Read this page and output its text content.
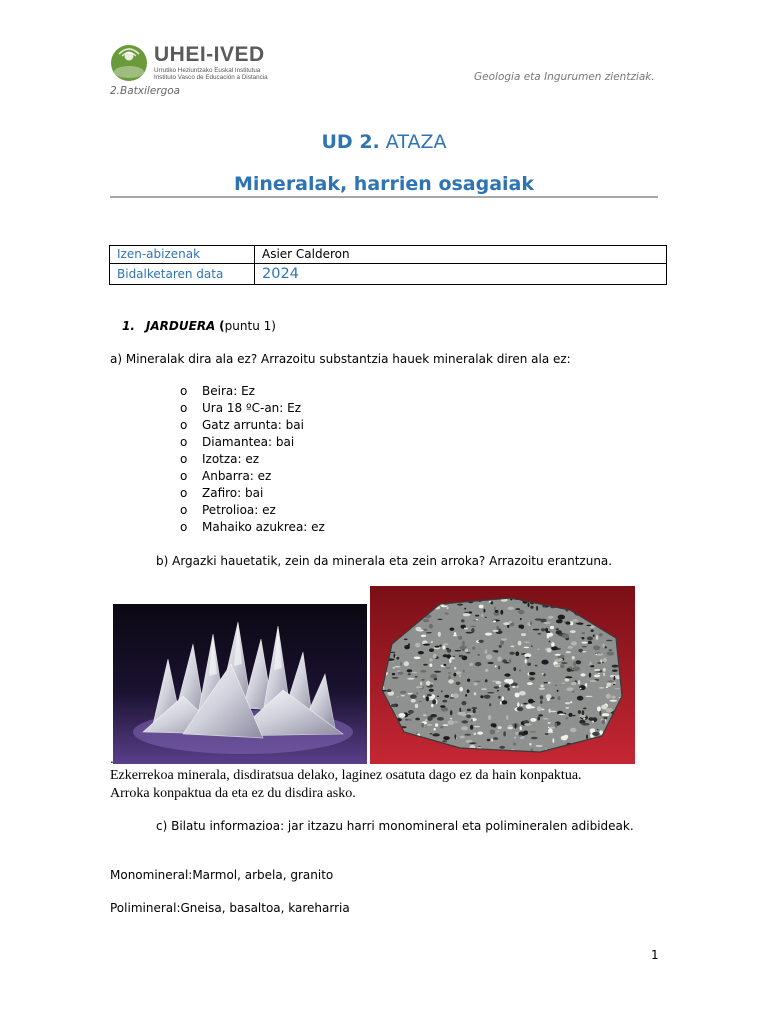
UHEI-IVED
Urrutiko Heziuntzako Euskal Institutua
Instituto Vasco de Educación a Distancia
2.Batxilergoa
Geologia eta Ingurumen zientziak.
UD 2. ATAZA
Mineralak, harrien osagaiak
Izen-abizenak	Asier Calderon
Bidalketaren data	2024
1. JARDUERA (puntu 1)
a) Mineralak dira ala ez? Arrazoitu substantzia hauek mineralak diren ala ez:
o Beira: Ez
o Ura 18 ºC-an: Ez
o Gatz arrunta: bai
o Diamantea: bai
o Izotza: ez
o Anbarra: ez
o Zafiro: bai
o Petrolioa: ez
o Mahaiko azukrea: ez
b) Argazki hauetatik, zein da minerala eta zein arroka? Arrazoitu erantzuna.
.
Ezkerrekoa minerala, disdiratsua delako, laginez osatuta dago ez da hain konpaktua.
Arroka konpaktua da eta ez du disdira asko.
c) Bilatu informazioa: jar itzazu harri monomineral eta polimineralen adibideak.
Monomineral:Marmol, arbela, granito
Polimineral:Gneisa, basaltoa, kareharria
1
